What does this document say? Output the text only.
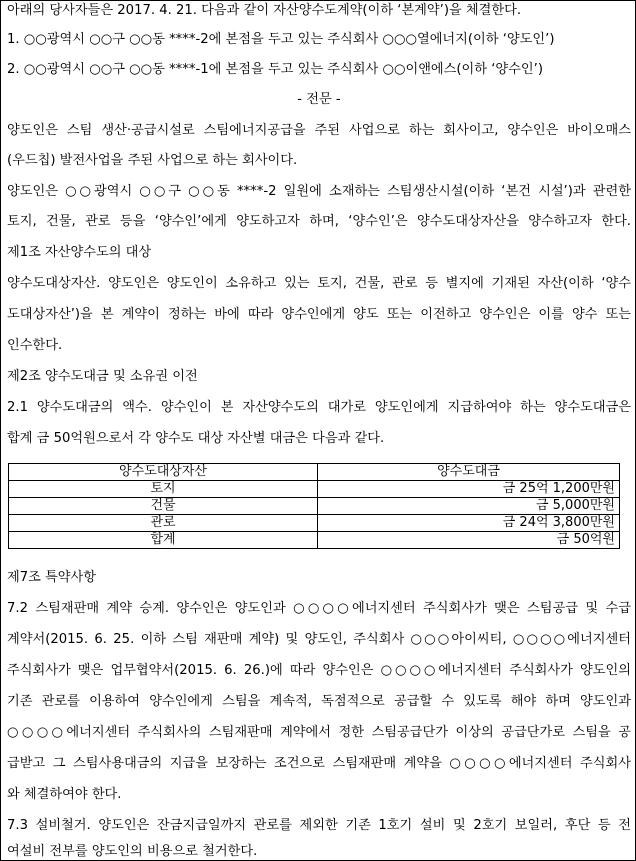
아래의 당사자들은 2017. 4. 21. 다음과 같이 자산양수도계약(이하 ‘본계약’)을 체결한다.
1. ○○광역시 ○○구 ○○동 ****-2에 본점을 두고 있는 주식회사 ○○○열에너지(이하 ‘양도인’)
2. ○○광역시 ○○구 ○○동 ****-1에 본점을 두고 있는 주식회사 ○○이앤에스(이하 ‘양수인’)
- 전문 -
양도인은 스팀 생산·공급시설로 스팀에너지공급을 주된 사업으로 하는 회사이고, 양수인은 바이오매스
(우드칩) 발전사업을 주된 사업으로 하는 회사이다.
양도인은 ○○광역시 ○○구 ○○동 ****-2 일원에 소재하는 스팀생산시설(이하 ‘본건 시설’)과 관련한
토지, 건물, 관로 등을 ‘양수인’에게 양도하고자 하며, ‘양수인’은 양수도대상자산을 양수하고자 한다.
제1조 자산양수도의 대상
양수도대상자산. 양도인은 양도인이 소유하고 있는 토지, 건물, 관로 등 별지에 기재된 자산(이하 ‘양수
도대상자산’)을 본 계약이 정하는 바에 따라 양수인에게 양도 또는 이전하고 양수인은 이를 양수 또는
인수한다.
제2조 양수도대금 및 소유권 이전
2.1 양수도대금의 액수. 양수인이 본 자산양수도의 대가로 양도인에게 지급하여야 하는 양수도대금은
합계 금 50억원으로서 각 양수도 대상 자산별 대금은 다음과 같다.
양수도대상자산	양수도대금
토지	금 25억 1,200만원
건물	금 5,000만원
관로	금 24억 3,800만원
합계	금 50억원
제7조 특약사항
7.2 스팀재판매 계약 승계. 양수인은 양도인과 ○○○○에너지센터 주식회사가 맺은 스팀공급 및 수급
계약서(2015. 6. 25. 이하 스팀 재판매 계약) 및 양도인, 주식회사 ○○○아이씨티, ○○○○에너지센터
주식회사가 맺은 업무협약서(2015. 6. 26.)에 따라 양수인은 ○○○○에너지센터 주식회사가 양도인의
기존 관로를 이용하여 양수인에게 스팀을 계속적, 독점적으로 공급할 수 있도록 해야 하며 양도인과
○○○○에너지센터 주식회사의 스팀재판매 계약에서 정한 스팀공급단가 이상의 공급단가로 스팀을 공
급받고 그 스팀사용대금의 지급을 보장하는 조건으로 스팀재판매 계약을 ○○○○에너지센터 주식회사
와 체결하여야 한다.
7.3 설비철거. 양도인은 잔금지급일까지 관로를 제외한 기존 1호기 설비 및 2호기 보일러, 후단 등 전
여설비 전부를 양도인의 비용으로 철거한다.
